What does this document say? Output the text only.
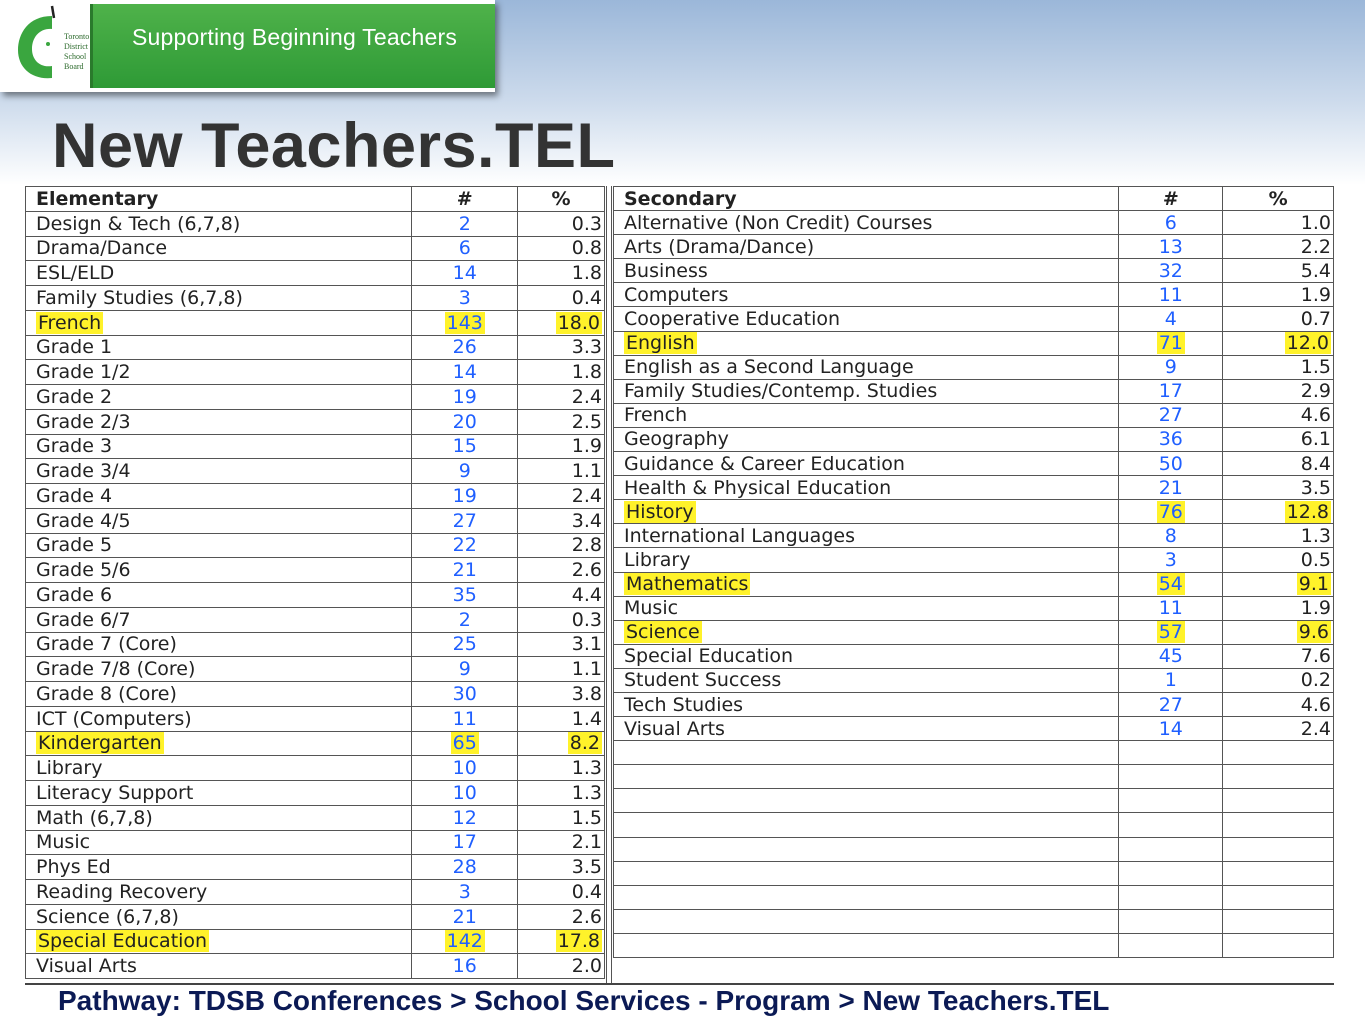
Toronto
District
School
Board
Supporting Beginning Teachers
New Teachers.TEL
Elementary	#	%
Design & Tech (6,7,8)	2	0.3
Drama/Dance	6	0.8
ESL/ELD	14	1.8
Family Studies (6,7,8)	3	0.4
French	143	18.0
Grade 1	26	3.3
Grade 1/2	14	1.8
Grade 2	19	2.4
Grade 2/3	20	2.5
Grade 3	15	1.9
Grade 3/4	9	1.1
Grade 4	19	2.4
Grade 4/5	27	3.4
Grade 5	22	2.8
Grade 5/6	21	2.6
Grade 6	35	4.4
Grade 6/7	2	0.3
Grade 7 (Core)	25	3.1
Grade 7/8 (Core)	9	1.1
Grade 8 (Core)	30	3.8
ICT (Computers)	11	1.4
Kindergarten	65	8.2
Library	10	1.3
Literacy Support	10	1.3
Math (6,7,8)	12	1.5
Music	17	2.1
Phys Ed	28	3.5
Reading Recovery	3	0.4
Science (6,7,8)	21	2.6
Special Education	142	17.8
Visual Arts	16	2.0
Secondary	#	%
Alternative (Non Credit) Courses	6	1.0
Arts (Drama/Dance)	13	2.2
Business	32	5.4
Computers	11	1.9
Cooperative Education	4	0.7
English	71	12.0
English as a Second Language	9	1.5
Family Studies/Contemp. Studies	17	2.9
French	27	4.6
Geography	36	6.1
Guidance & Career Education	50	8.4
Health & Physical Education	21	3.5
History	76	12.8
International Languages	8	1.3
Library	3	0.5
Mathematics	54	9.1
Music	11	1.9
Science	57	9.6
Special Education	45	7.6
Student Success	1	0.2
Tech Studies	27	4.6
Visual Arts	14	2.4

Pathway: TDSB Conferences > School Services - Program > New Teachers.TEL
